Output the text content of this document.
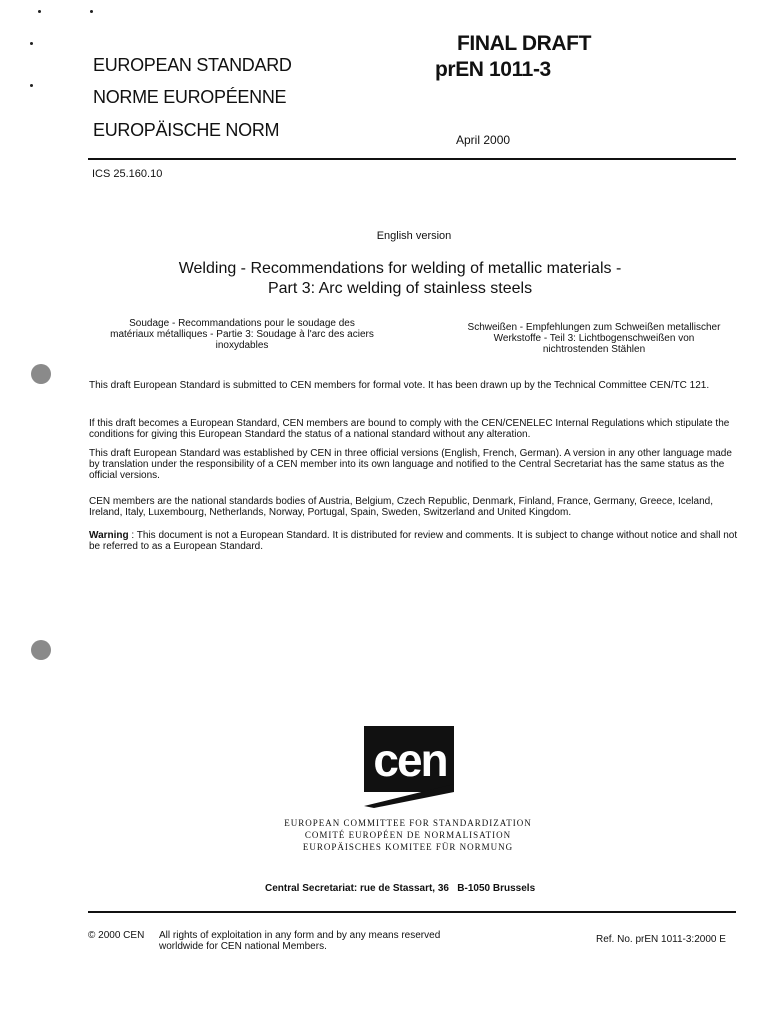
EUROPEAN STANDARD
NORME EUROPÉENNE
EUROPÄISCHE NORM
FINAL DRAFT
prEN 1011-3
April 2000
ICS 25.160.10
English version
Welding - Recommendations for welding of metallic materials -
Part 3: Arc welding of stainless steels
Soudage - Recommandations pour le soudage des
matériaux métalliques - Partie 3: Soudage à l'arc des aciers
inoxydables
Schweißen - Empfehlungen zum Schweißen metallischer
Werkstoffe - Teil 3: Lichtbogenschweißen von
nichtrostenden Stählen
This draft European Standard is submitted to CEN members for formal vote. It has been drawn up by the Technical Committee CEN/TC 121.
If this draft becomes a European Standard, CEN members are bound to comply with the CEN/CENELEC Internal Regulations which stipulate the conditions for giving this European Standard the status of a national standard without any alteration.
This draft European Standard was established by CEN in three official versions (English, French, German). A version in any other language made by translation under the responsibility of a CEN member into its own language and notified to the Central Secretariat has the same status as the official versions.
CEN members are the national standards bodies of Austria, Belgium, Czech Republic, Denmark, Finland, France, Germany, Greece, Iceland, Ireland, Italy, Luxembourg, Netherlands, Norway, Portugal, Spain, Sweden, Switzerland and United Kingdom.
Warning : This document is not a European Standard. It is distributed for review and comments. It is subject to change without notice and shall not be referred to as a European Standard.
cen
EUROPEAN COMMITTEE FOR STANDARDIZATION
COMITÉ EUROPÉEN DE NORMALISATION
EUROPÄISCHES KOMITEE FÜR NORMUNG
Central Secretariat: rue de Stassart, 36   B-1050 Brussels
© 2000 CEN All rights of exploitation in any form and by any means reserved
worldwide for CEN national Members.
Ref. No. prEN 1011-3:2000 E
